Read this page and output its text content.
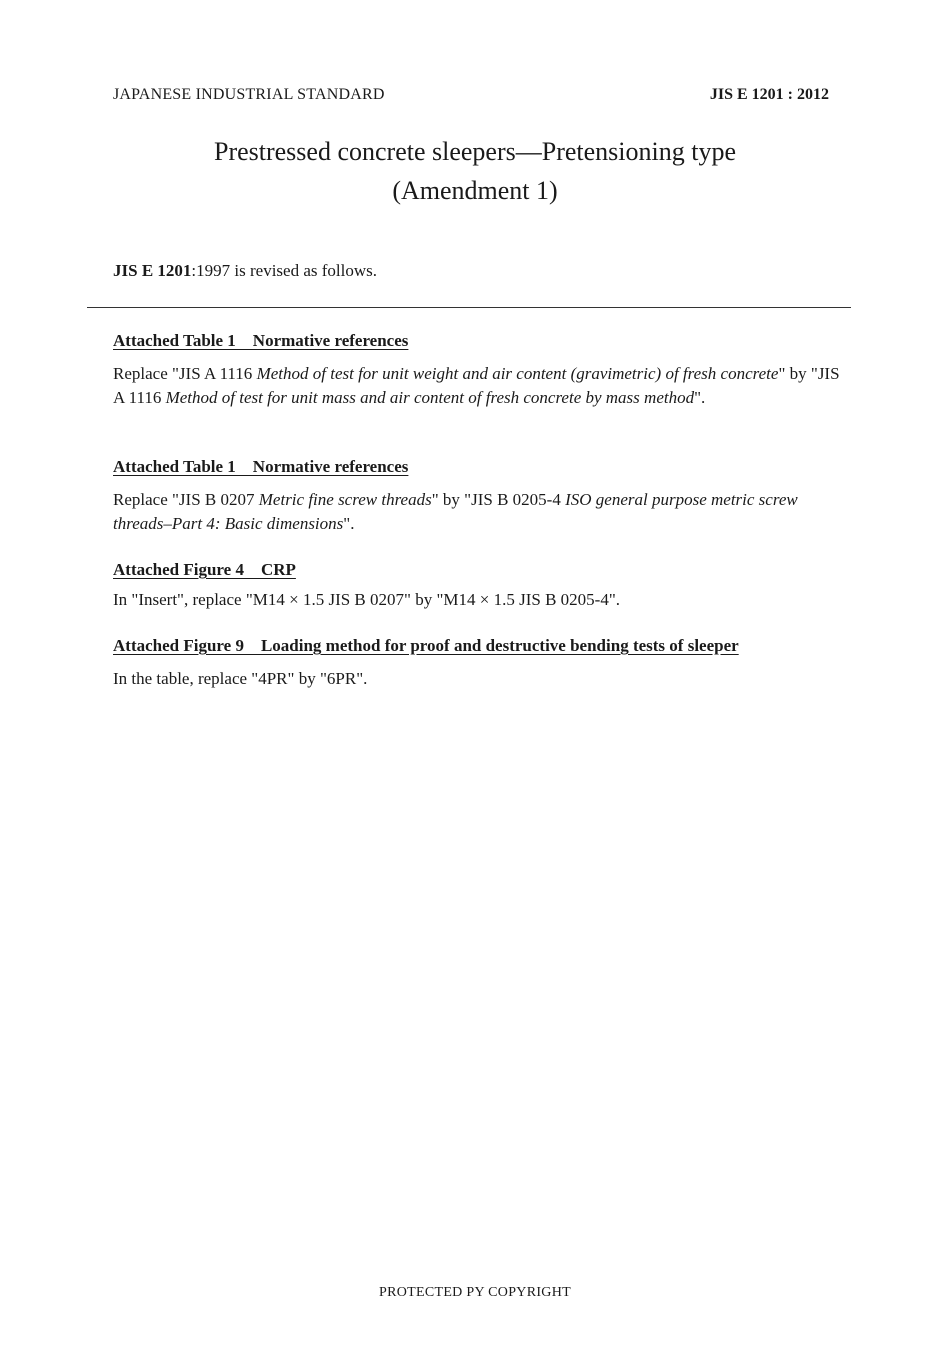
JAPANESE INDUSTRIAL STANDARD	JIS E 1201 : 2012
Prestressed concrete sleepers—Pretensioning type
(Amendment 1)
JIS E 1201:1997 is revised as follows.
Attached Table 1　Normative references
Replace "JIS A 1116 Method of test for unit weight and air content (gravimetric) of fresh concrete" by "JIS A 1116 Method of test for unit mass and air content of fresh concrete by mass method".
Attached Table 1　Normative references
Replace "JIS B 0207 Metric fine screw threads" by "JIS B 0205-4 ISO general purpose metric screw threads–Part 4: Basic dimensions".
Attached Figure 4　CRP
In "Insert", replace "M14 × 1.5 JIS B 0207" by "M14 × 1.5 JIS B 0205-4".
Attached Figure 9　Loading method for proof and destructive bending tests of sleeper
In the table, replace "4PR" by "6PR".
PROTECTED PY COPYRIGHT
